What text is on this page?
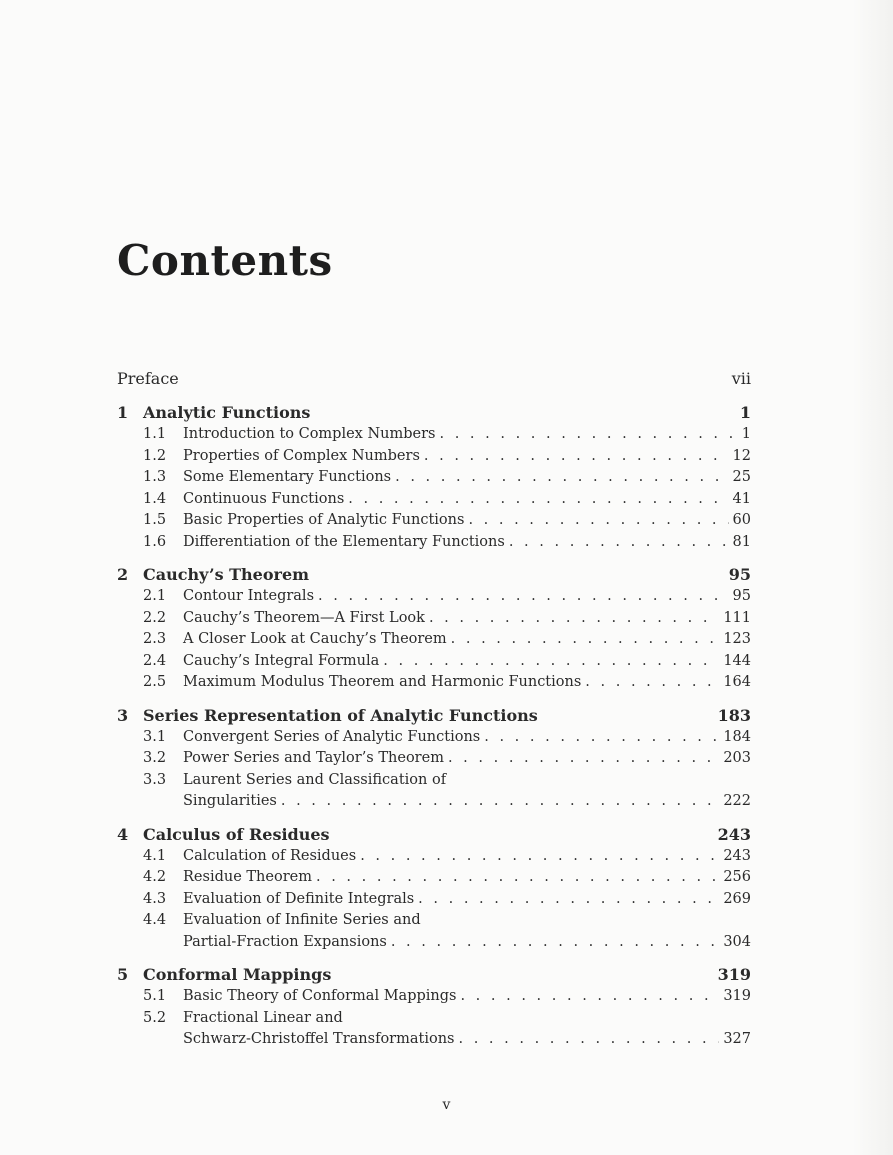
Contents
Preface	vii
1 Analytic Functions	1
1.1	Introduction to Complex Numbers . . .	1
1.2	Properties of Complex Numbers . . .	12
1.3	Some Elementary Functions . . .	25
1.4	Continuous Functions . . .	41
1.5	Basic Properties of Analytic Functions . . .	60
1.6	Differentiation of the Elementary Functions . . .	81
2 Cauchy’s Theorem	95
2.1	Contour Integrals . . .	95
2.2	Cauchy’s Theorem—A First Look . . .	111
2.3	A Closer Look at Cauchy’s Theorem . . .	123
2.4	Cauchy’s Integral Formula . . .	144
2.5	Maximum Modulus Theorem and Harmonic Functions . . .	164
3 Series Representation of Analytic Functions	183
3.1	Convergent Series of Analytic Functions . . .	184
3.2	Power Series and Taylor’s Theorem . . .	203
3.3	Laurent Series and Classification of
Singularities . . .	222
4 Calculus of Residues	243
4.1	Calculation of Residues . . .	243
4.2	Residue Theorem . . .	256
4.3	Evaluation of Definite Integrals . . .	269
4.4	Evaluation of Infinite Series and
Partial-Fraction Expansions . . .	304
5 Conformal Mappings	319
5.1	Basic Theory of Conformal Mappings . . .	319
5.2	Fractional Linear and
Schwarz-Christoffel Transformations . . .	327
v
